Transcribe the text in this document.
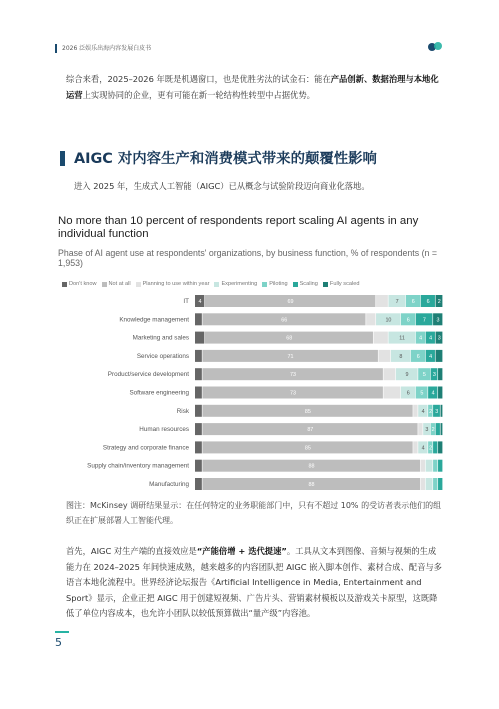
2026 泛娱乐出海内容发展白皮书
综合来看，2025–2026 年既是机遇窗口，也是优胜劣汰的试金石：能在产品创新、数据治理与本地化运营上实现协同的企业，更有可能在新一轮结构性转型中占据优势。
AIGC 对内容生产和消费模式带来的颠覆性影响
进入 2025 年，生成式人工智能（AIGC）已从概念与试验阶段迈向商业化落地。
No more than 10 percent of respondents report scaling AI agents in any individual function
Phase of AI agent use at respondents' organizations, by business function, % of respondents (n = 1,953)
Don't know Not at all Planning to use within year Experimenting Piloting Scaling Fully scaled
IT 4	69	7 6 6 2
Knowledge management	66	10	6 7 3
Marketing and sales	68	11	4 4 3
Service operations	71	8	6 4
Product/service development	73	9	5 3
Software engineering	73	6 5 4
Risk	85	4 2 3
Human resources	87	3 2
Strategy and corporate finance	85	4 2
Supply chain/inventory management	88
Manufacturing	88
图注：McKinsey 调研结果显示：在任何特定的业务职能部门中，只有不超过 10% 的受访者表示他们的组织正在扩展部署人工智能代理。
首先，AIGC 对生产端的直接效应是“产能倍增 + 迭代提速”。工具从文本到图像、音频与视频的生成能力在 2024–2025 年间快速成熟，越来越多的内容团队把 AIGC 嵌入脚本创作、素材合成、配音与多语言本地化流程中。世界经济论坛报告《Artificial Intelligence in Media, Entertainment and Sport》显示，企业正把 AIGC 用于创建短视频、广告片头、营销素材模板以及游戏关卡原型，这既降低了单位内容成本，也允许小团队以较低预算做出“量产级”内容池。
5
